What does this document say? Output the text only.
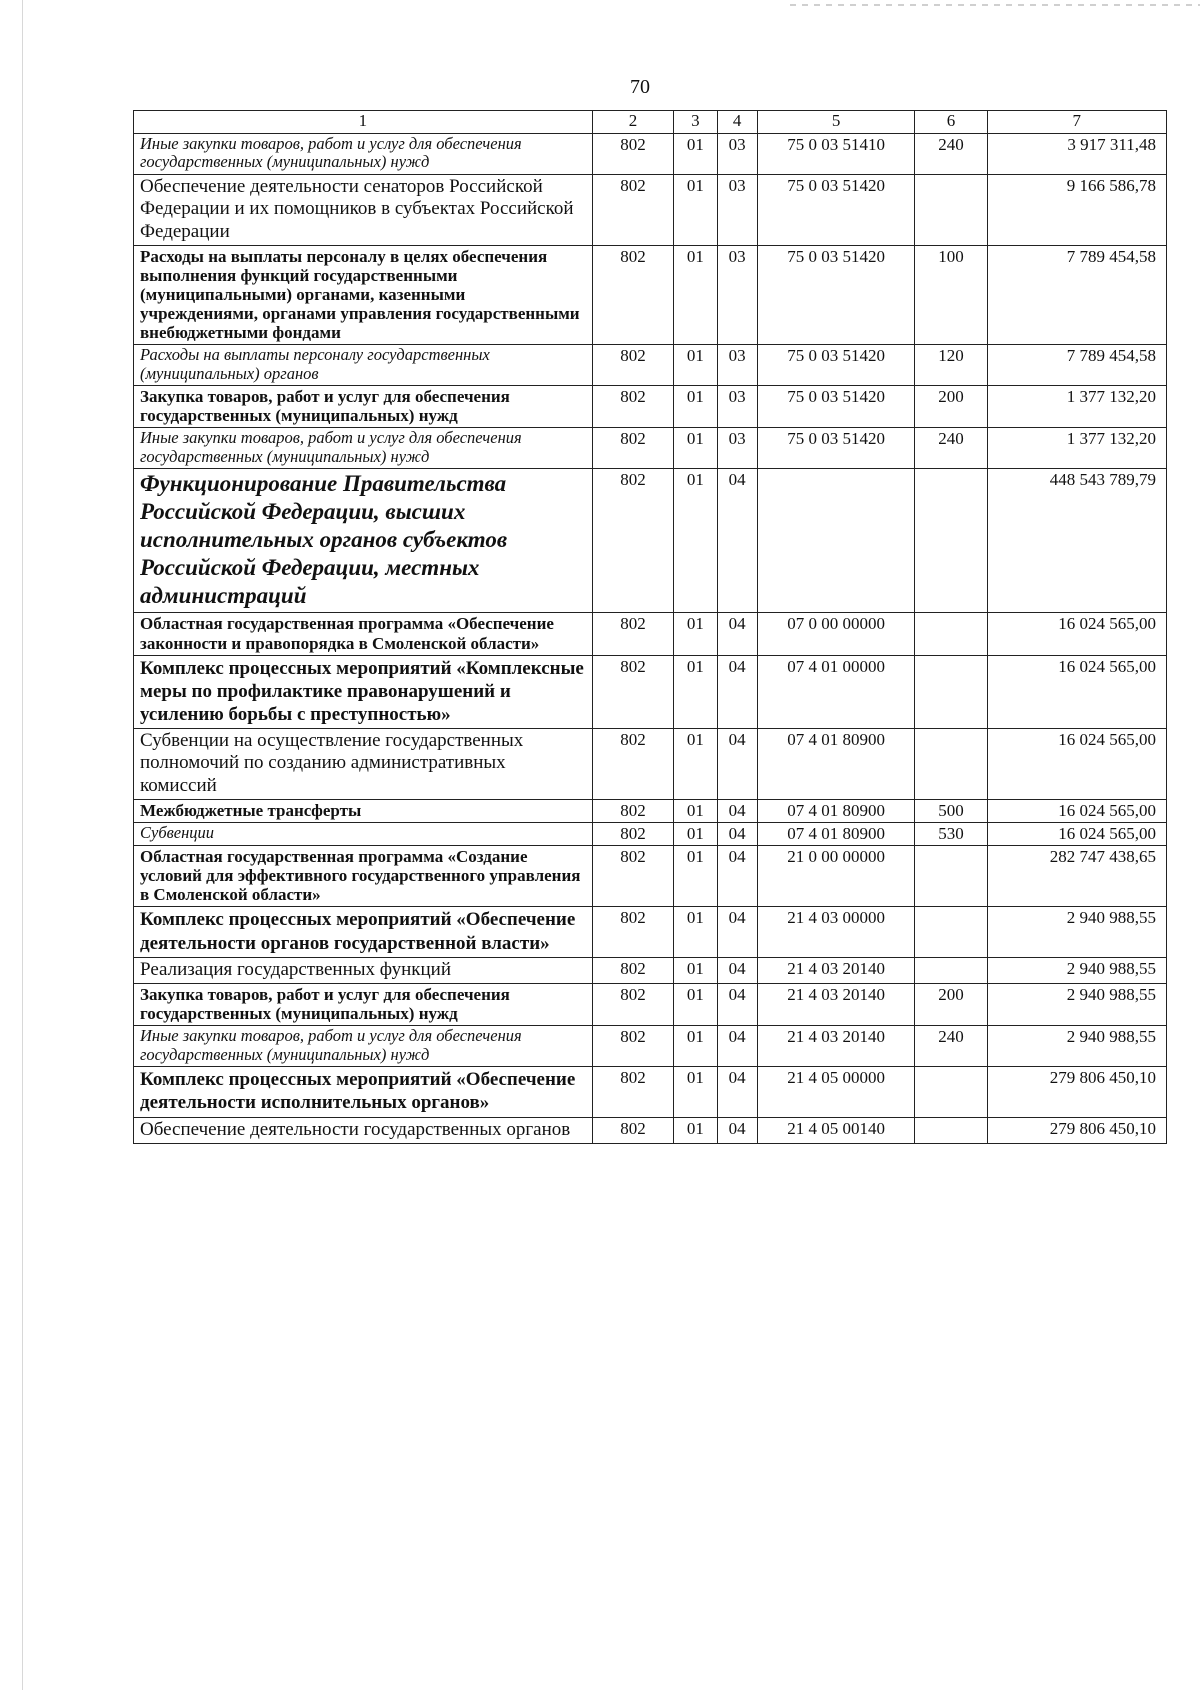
70
1	2	3	4	5	6	7
Иные закупки товаров, работ и услуг для обеспечения государственных (муниципальных) нужд	802	01	03	75 0 03 51410	240	3 917 311,48
Обеспечение деятельности сенаторов Российской Федерации и их помощников в субъектах Российской Федерации	802	01	03	75 0 03 51420		9 166 586,78
Расходы на выплаты персоналу в целях обеспечения выполнения функций государственными (муниципальными) органами, казенными учреждениями, органами управления государственными внебюджетными фондами	802	01	03	75 0 03 51420	100	7 789 454,58
Расходы на выплаты персоналу государственных (муниципальных) органов	802	01	03	75 0 03 51420	120	7 789 454,58
Закупка товаров, работ и услуг для обеспечения государственных (муниципальных) нужд	802	01	03	75 0 03 51420	200	1 377 132,20
Иные закупки товаров, работ и услуг для обеспечения государственных (муниципальных) нужд	802	01	03	75 0 03 51420	240	1 377 132,20
Функционирование Правительства Российской Федерации, высших исполнительных органов субъектов Российской Федерации, местных администраций	802	01	04			448 543 789,79
Областная государственная программа «Обеспечение законности и правопорядка в Смоленской области»	802	01	04	07 0 00 00000		16 024 565,00
Комплекс процессных мероприятий «Комплексные меры по профилактике правонарушений и усилению борьбы с преступностью»	802	01	04	07 4 01 00000		16 024 565,00
Субвенции на осуществление государственных полномочий по созданию административных комиссий	802	01	04	07 4 01 80900		16 024 565,00
Межбюджетные трансферты	802	01	04	07 4 01 80900	500	16 024 565,00
Субвенции	802	01	04	07 4 01 80900	530	16 024 565,00
Областная государственная программа «Создание условий для эффективного государственного управления в Смоленской области»	802	01	04	21 0 00 00000		282 747 438,65
Комплекс процессных мероприятий «Обеспечение деятельности органов государственной власти»	802	01	04	21 4 03 00000		2 940 988,55
Реализация государственных функций	802	01	04	21 4 03 20140		2 940 988,55
Закупка товаров, работ и услуг для обеспечения государственных (муниципальных) нужд	802	01	04	21 4 03 20140	200	2 940 988,55
Иные закупки товаров, работ и услуг для обеспечения государственных (муниципальных) нужд	802	01	04	21 4 03 20140	240	2 940 988,55
Комплекс процессных мероприятий «Обеспечение деятельности исполнительных органов»	802	01	04	21 4 05 00000		279 806 450,10
Обеспечение деятельности государственных органов	802	01	04	21 4 05 00140		279 806 450,10
